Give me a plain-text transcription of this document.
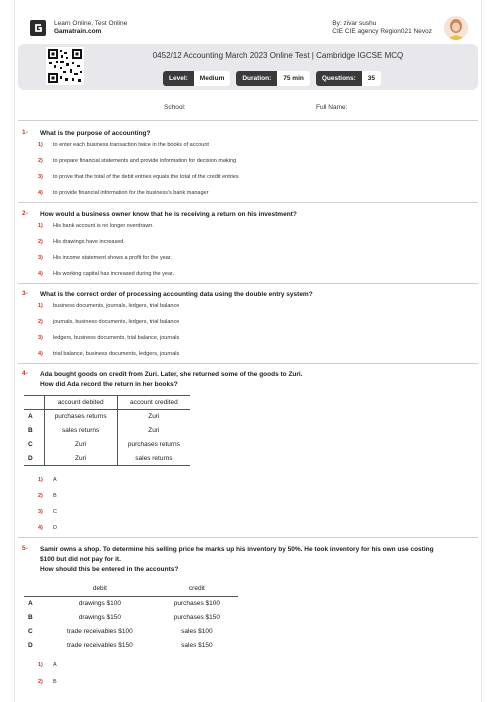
Learn Online, Test Online
Gamatrain.com
By: zivar sushu
CIE CIE agency Region021 Nevoz
0452/12 Accounting March 2023 Online Test | Cambridge IGCSE MCQ
Level:	Medium	Duration:	75 min	Questions:	35
School:	Full Name:
1- What is the purpose of accounting?
1) to enter each business transaction twice in the books of account
2) to prepare financial statements and provide information for decision making
3) to prove that the total of the debit entries equals the total of the credit entries
4) to provide financial information for the business's bank manager
2- How would a business owner know that he is receiving a return on his investment?
1) His bank account is no longer overdrawn.
2) His drawings have increased.
3) His income statement shows a profit for the year.
4) His working capital has increased during the year.
3- What is the correct order of processing accounting data using the double entry system?
1) business documents, journals, ledgers, trial balance
2) journals, business documents, ledgers, trial balance
3) ledgers, business documents, trial balance, journals
4) trial balance, business documents, ledgers, journals
4- Ada bought goods on credit from Zuri. Later, she returned some of the goods to Zuri.
How did Ada record the return in her books?
	account debited	account credited
A	purchases returns	Zuri
B	sales returns	Zuri
C	Zuri	purchases returns
D	Zuri	sales returns
1) A
2) B
3) C
4) D
5- Samir owns a shop. To determine his selling price he marks up his inventory by 50%. He took inventory for his own use costing
$100 but did not pay for it.
How should this be entered in the accounts?
	debit	credit
A	drawings $100	purchases $100
B	drawings $150	purchases $150
C	trade receivables $100	sales $100
D	trade receivables $150	sales $150
1) A
2) B
